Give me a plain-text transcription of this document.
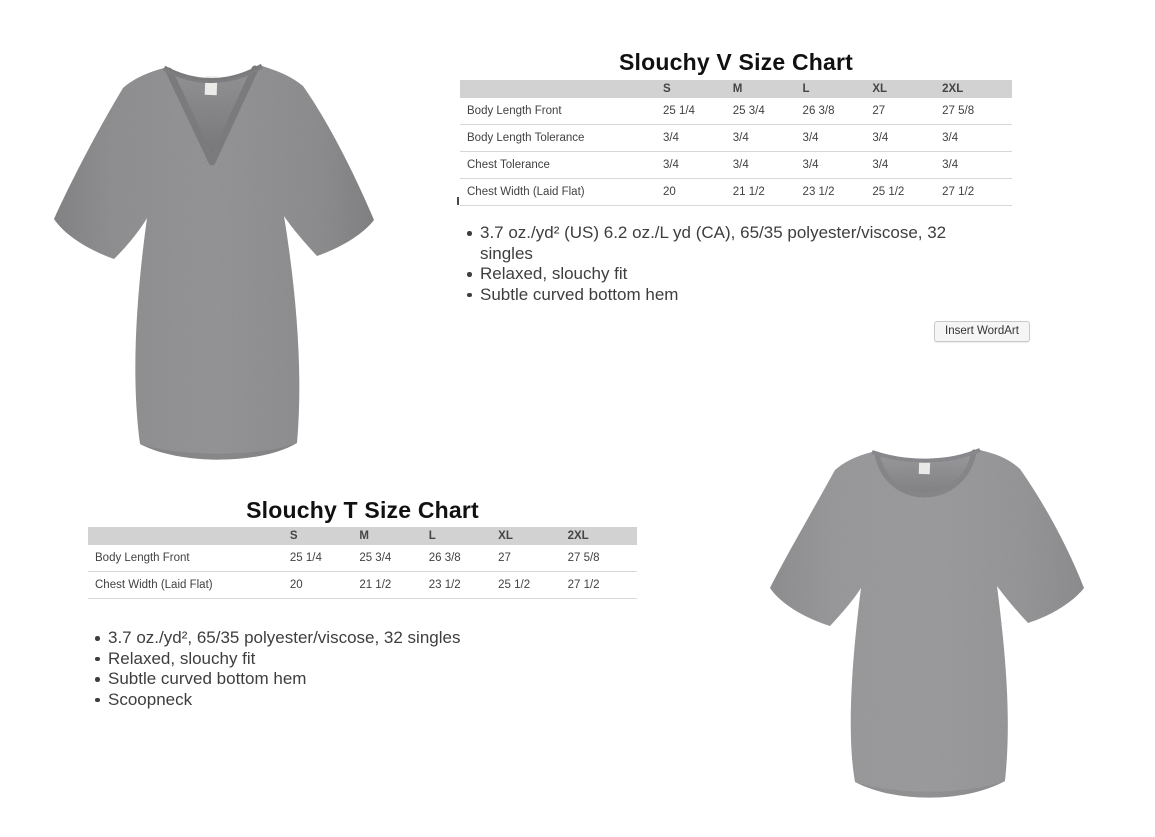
Slouchy V Size Chart
	S	M	L	XL	2XL
Body Length Front	25 1/4	25 3/4	26 3/8	27	27 5/8
Body Length Tolerance	3/4	3/4	3/4	3/4	3/4
Chest Tolerance	3/4	3/4	3/4	3/4	3/4
Chest Width (Laid Flat)	20	21 1/2	23 1/2	25 1/2	27 1/2
3.7 oz./yd² (US) 6.2 oz./L yd (CA), 65/35 polyester/viscose, 32 singles
Relaxed, slouchy fit
Subtle curved bottom hem
Insert WordArt
Slouchy T Size Chart
	S	M	L	XL	2XL
Body Length Front	25 1/4	25 3/4	26 3/8	27	27 5/8
Chest Width (Laid Flat)	20	21 1/2	23 1/2	25 1/2	27 1/2
3.7 oz./yd², 65/35 polyester/viscose, 32 singles
Relaxed, slouchy fit
Subtle curved bottom hem
Scoopneck
